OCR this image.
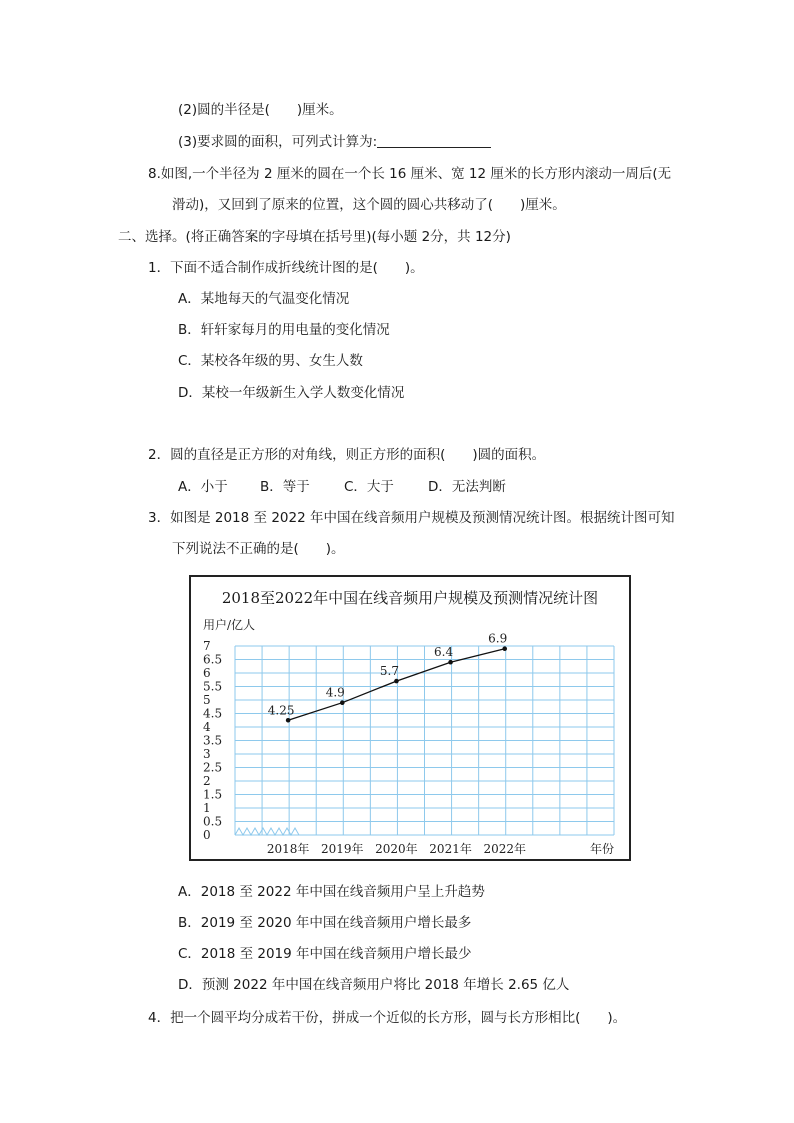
(2)圆的半径是(　　)厘米。
(3)要求圆的面积，可列式计算为:
8.如图,一个半径为 2 厘米的圆在一个长 16 厘米、宽 12 厘米的长方形内滚动一周后(无
滑动)，又回到了原来的位置，这个圆的圆心共移动了(　　)厘米。
二、选择。(将正确答案的字母填在括号里)(每小题 2分，共 12分)
1．下面不适合制作成折线统计图的是(　　)。
A．某地每天的气温变化情况
B．轩轩家每月的用电量的变化情况
C．某校各年级的男、女生人数
D．某校一年级新生入学人数变化情况
2．圆的直径是正方形的对角线，则正方形的面积(　　)圆的面积。
A．小于 B．等于	C．大于	D．无法判断
3．如图是 2018 至 2022 年中国在线音频用户规模及预测情况统计图。根据统计图可知
下列说法不正确的是(　　)。
2018至2022年中国在线音频用户规模及预测情况统计图
用户/亿人
0
0.5
1
1.5
2
2.5
3
3.5
4
4.5
5
5.5
6
6.5
7
2018年 2019年 2020年 2021年 2022年	年份
4.25
4.9
5.7
6.4
6.9
A．2018 至 2022 年中国在线音频用户呈上升趋势
B．2019 至 2020 年中国在线音频用户增长最多
C．2018 至 2019 年中国在线音频用户增长最少
D．预测 2022 年中国在线音频用户将比 2018 年增长 2.65 亿人
4．把一个圆平均分成若干份，拼成一个近似的长方形，圆与长方形相比(　　)。
